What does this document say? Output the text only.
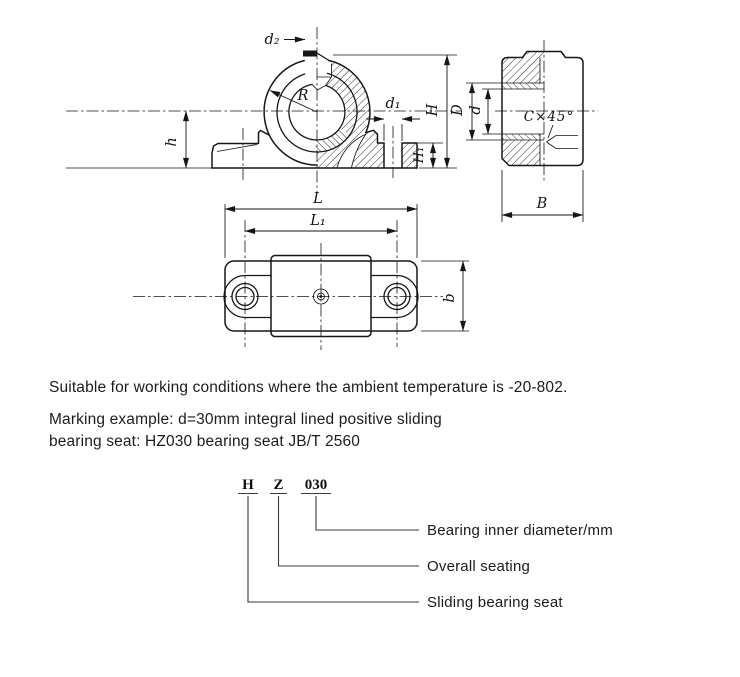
h
H
H₁
d₁
d₂
R
C×45°
D d
B
L
L₁
b
H Z 030
Bearing inner diameter/mm
Overall seating
Sliding bearing seat
Suitable for working conditions where the ambient temperature is -20-802.
Marking example: d=30mm integral lined positive sliding
bearing seat: HZ030 bearing seat JB/T 2560
